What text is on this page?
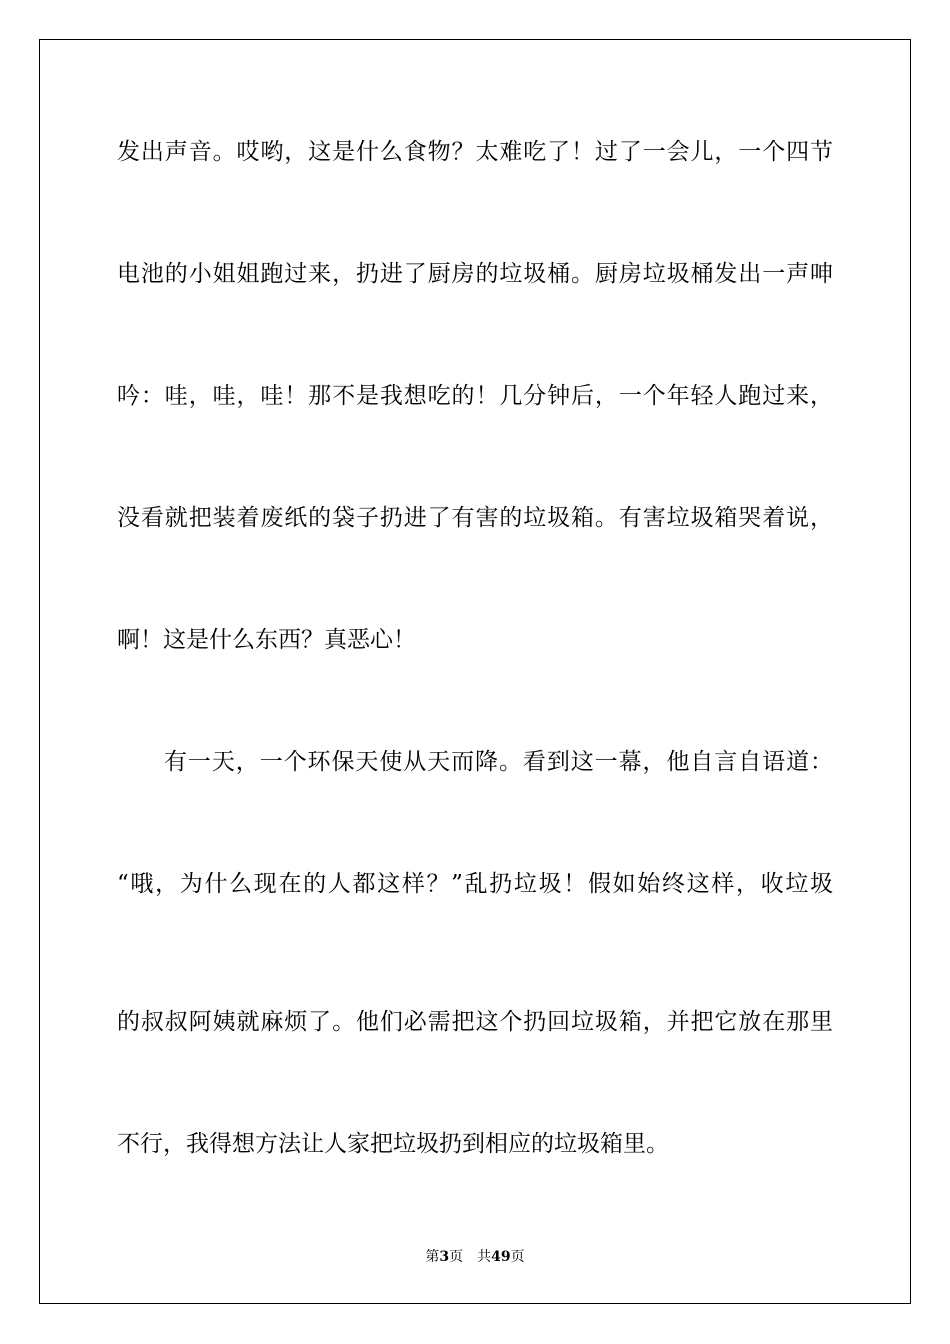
发出声音。哎哟，这是什么食物？太难吃了！过了一会儿，一个四节
电池的小姐姐跑过来，扔进了厨房的垃圾桶。厨房垃圾桶发出一声呻
吟：哇，哇，哇！那不是我想吃的！几分钟后，一个年轻人跑过来，
没看就把装着废纸的袋子扔进了有害的垃圾箱。有害垃圾箱哭着说，
啊！这是什么东西？真恶心！
有一天，一个环保天使从天而降。看到这一幕，他自言自语道：
“哦，为什么现在的人都这样？”乱扔垃圾！假如始终这样，收垃圾
的叔叔阿姨就麻烦了。他们必需把这个扔回垃圾箱，并把它放在那里
不行，我得想方法让人家把垃圾扔到相应的垃圾箱里。
第3页 共49页
